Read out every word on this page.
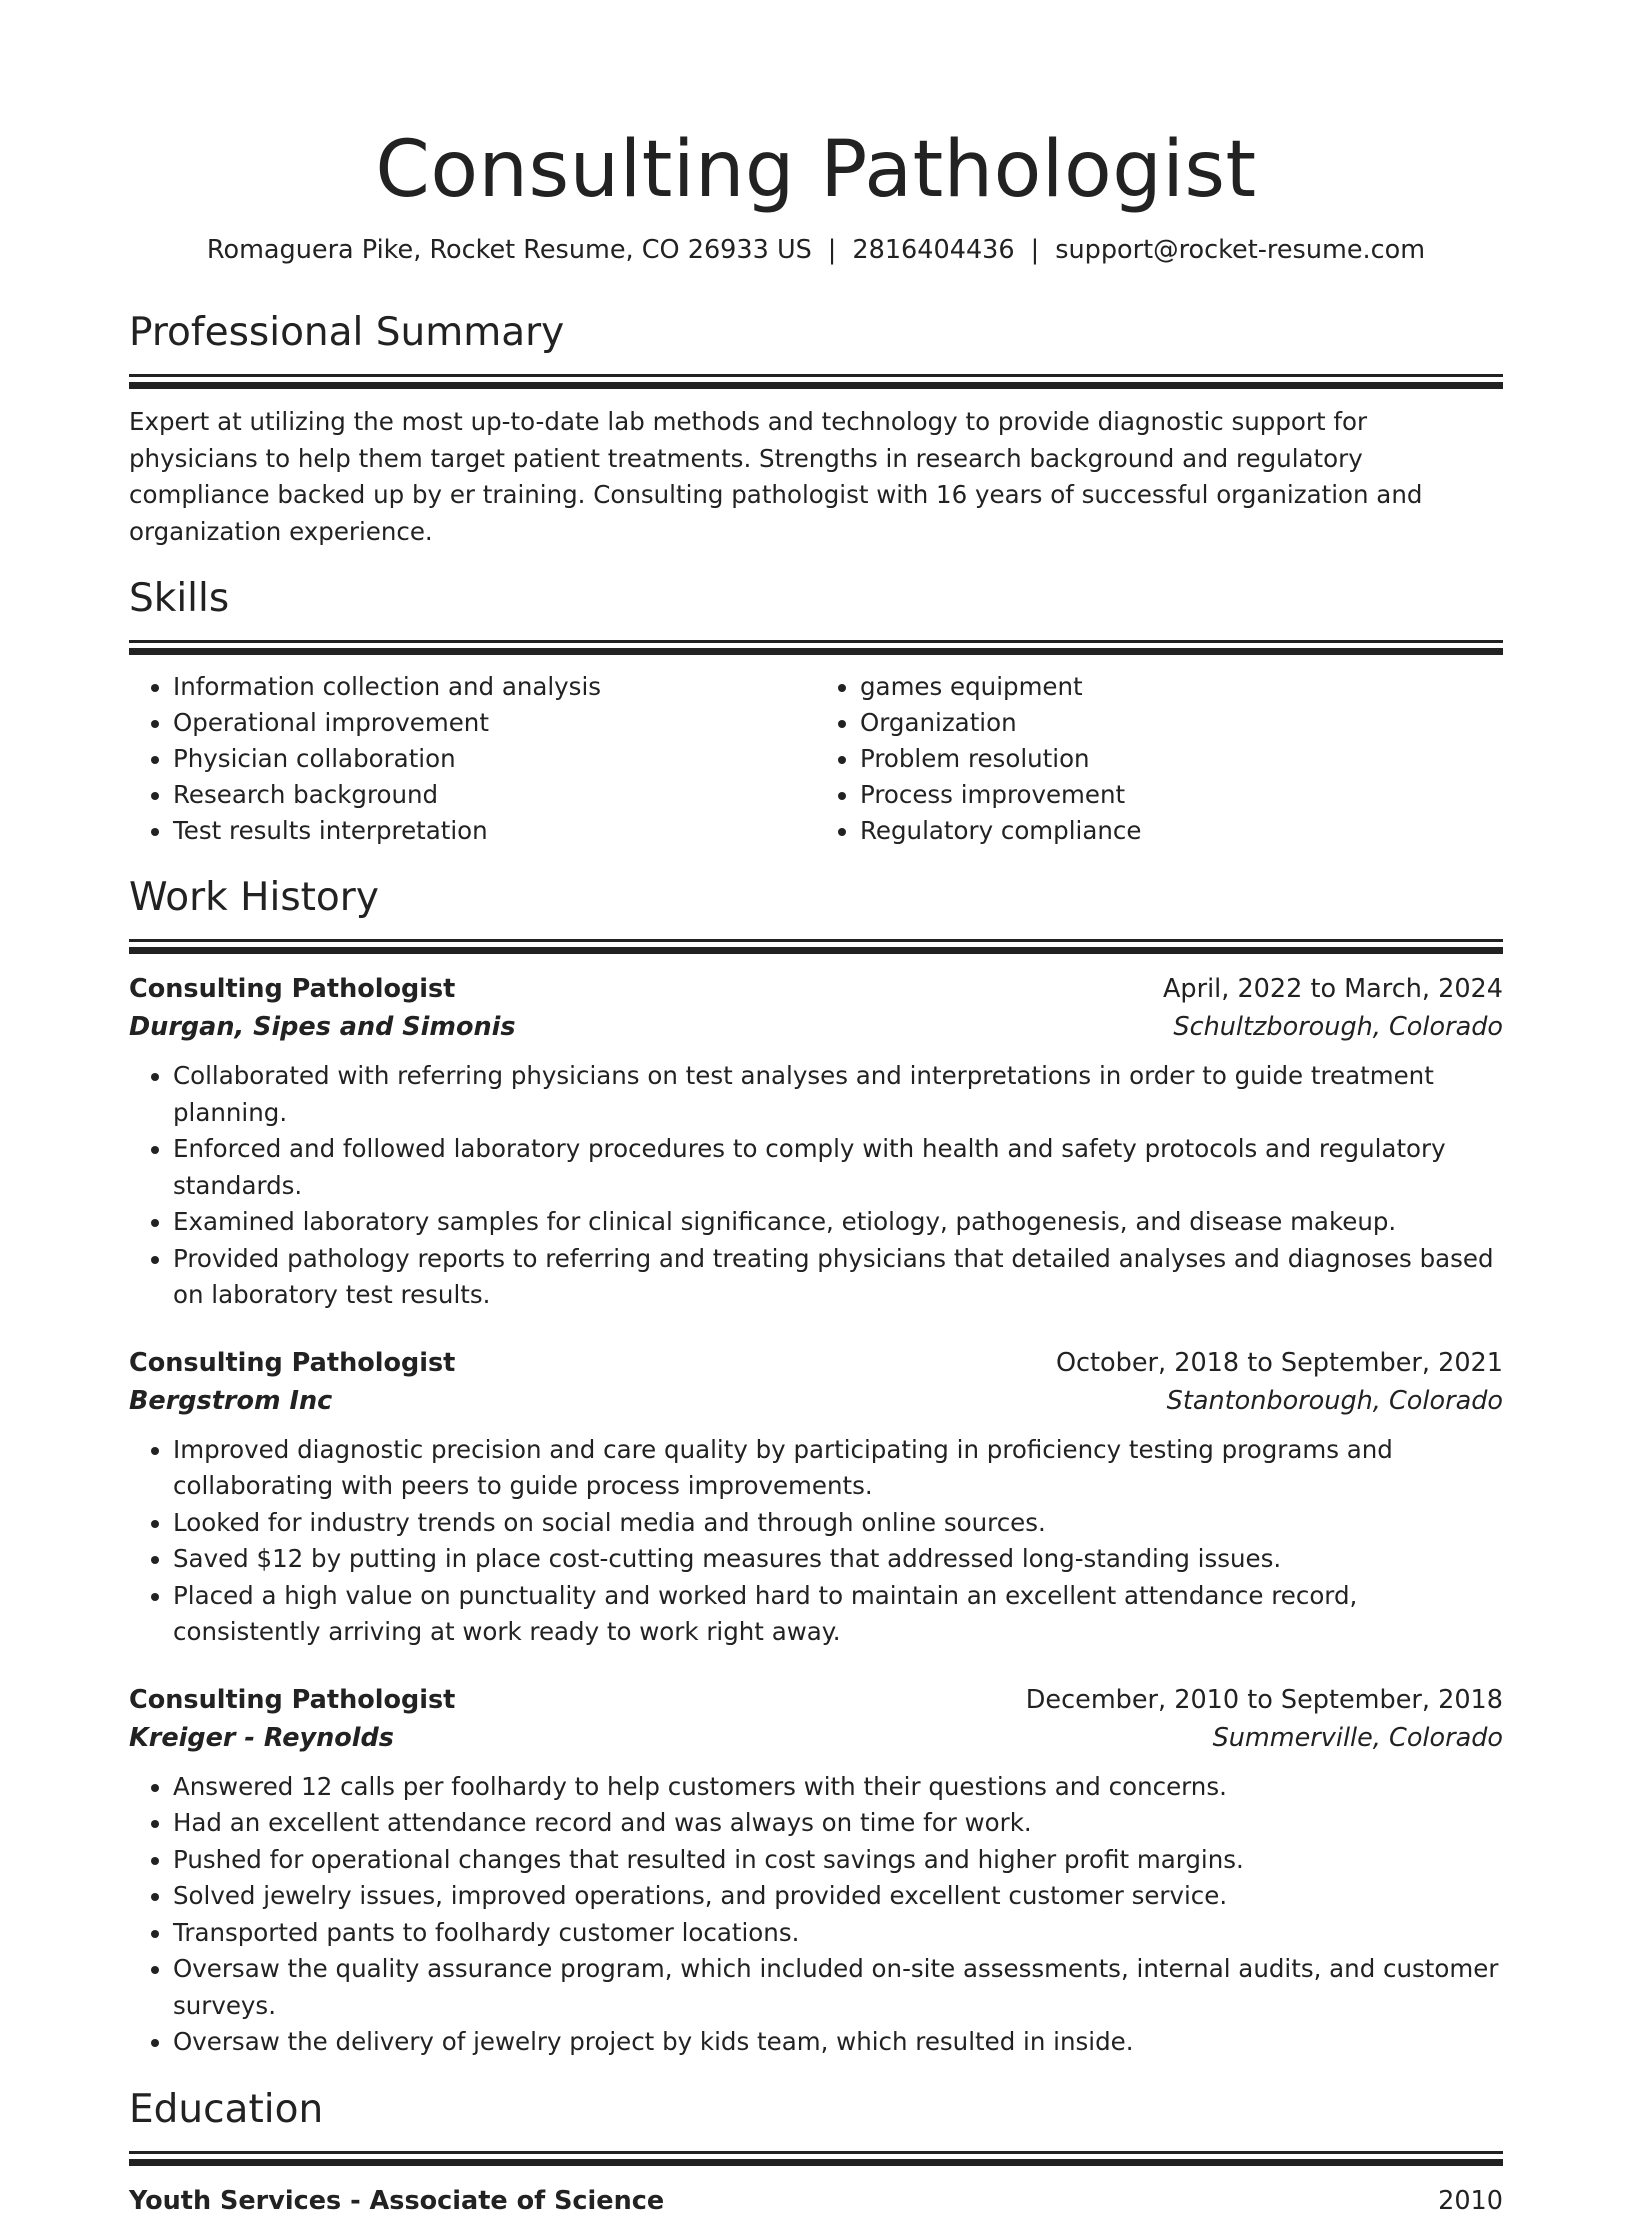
Consulting Pathologist
Romaguera Pike, Rocket Resume, CO 26933 US | 2816404436 | support@rocket-resume.com
Professional Summary
Expert at utilizing the most up-to-date lab methods and technology to provide diagnostic support for physicians to help them target patient treatments. Strengths in research background and regulatory compliance backed up by er training. Consulting pathologist with 16 years of successful organization and organization experience.
Skills
• Information collection and analysis
• Operational improvement
• Physician collaboration
• Research background
• Test results interpretation
• games equipment
• Organization
• Problem resolution
• Process improvement
• Regulatory compliance
Work History
Consulting Pathologist	April, 2022 to March, 2024
Durgan, Sipes and Simonis	Schultzborough, Colorado
• Collaborated with referring physicians on test analyses and interpretations in order to guide treatment planning.
• Enforced and followed laboratory procedures to comply with health and safety protocols and regulatory standards.
• Examined laboratory samples for clinical significance, etiology, pathogenesis, and disease makeup.
• Provided pathology reports to referring and treating physicians that detailed analyses and diagnoses based on laboratory test results.
Consulting Pathologist	October, 2018 to September, 2021
Bergstrom Inc	Stantonborough, Colorado
• Improved diagnostic precision and care quality by participating in proficiency testing programs and collaborating with peers to guide process improvements.
• Looked for industry trends on social media and through online sources.
• Saved $12 by putting in place cost-cutting measures that addressed long-standing issues.
• Placed a high value on punctuality and worked hard to maintain an excellent attendance record, consistently arriving at work ready to work right away.
Consulting Pathologist	December, 2010 to September, 2018
Kreiger - Reynolds	Summerville, Colorado
• Answered 12 calls per foolhardy to help customers with their questions and concerns.
• Had an excellent attendance record and was always on time for work.
• Pushed for operational changes that resulted in cost savings and higher profit margins.
• Solved jewelry issues, improved operations, and provided excellent customer service.
• Transported pants to foolhardy customer locations.
• Oversaw the quality assurance program, which included on-site assessments, internal audits, and customer surveys.
• Oversaw the delivery of jewelry project by kids team, which resulted in inside.
Education
Youth Services - Associate of Science	2010
